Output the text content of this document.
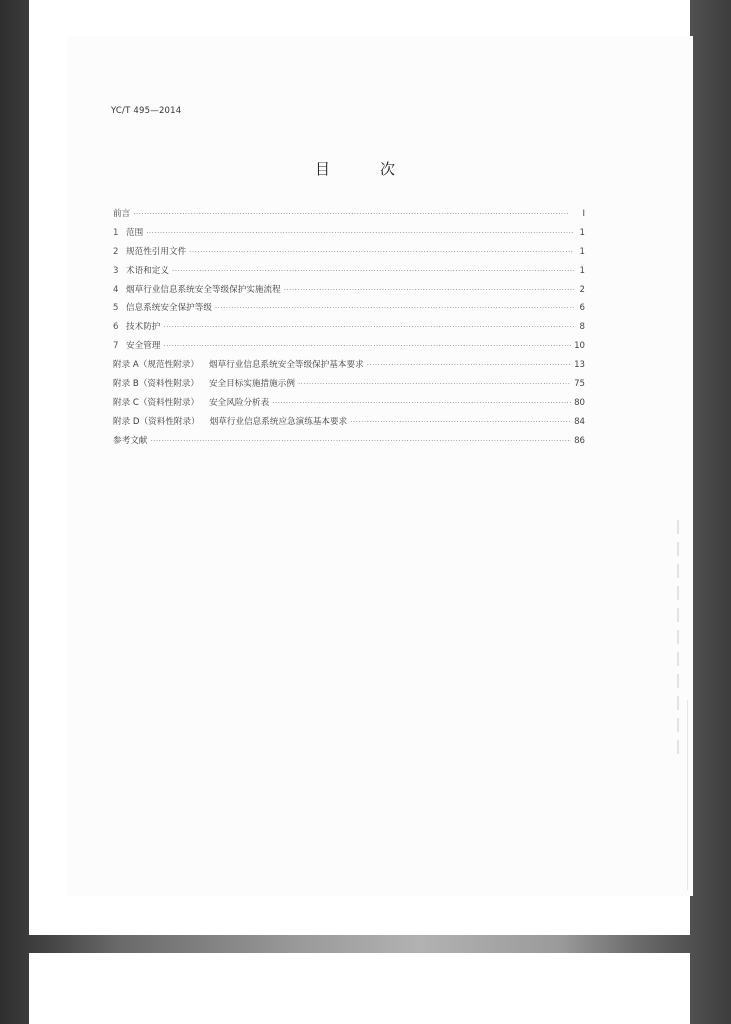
YC/T 495—2014
目	次
前言 ·····	Ⅰ
1 范围 ·····	1
2 规范性引用文件 ·····	1
3 术语和定义 ·····	1
4 烟草行业信息系统安全等级保护实施流程 ·····	2
5 信息系统安全保护等级 ·····	6
6 技术防护 ·····	8
7 安全管理 ·····	10
附录 A（规范性附录） 烟草行业信息系统安全等级保护基本要求 ·····	13
附录 B（资料性附录） 安全目标实施措施示例 ·····	75
附录 C（资料性附录） 安全风险分析表 ·····	80
附录 D（资料性附录） 烟草行业信息系统应急演练基本要求 ·····	84
参考文献 ·····	86
